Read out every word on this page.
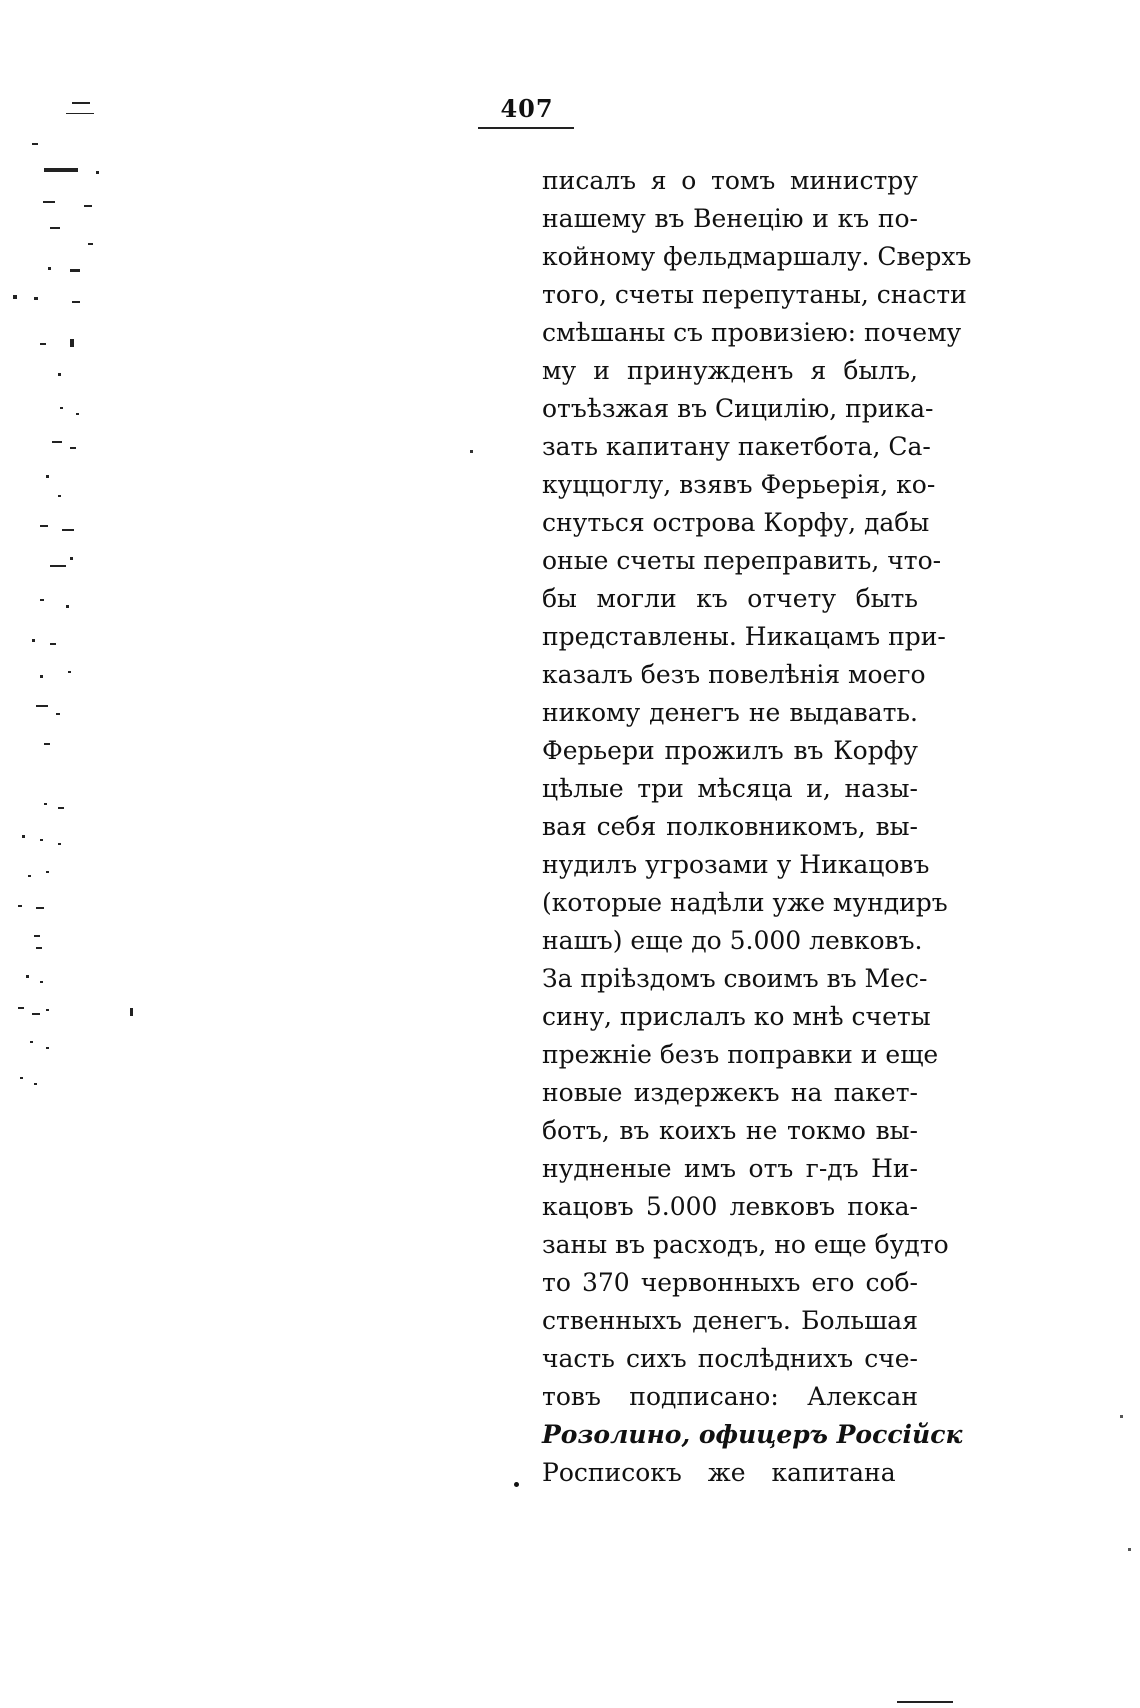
407
писалъ я о томъ министру
нашему въ Венецію и къ по-
койному фельдмаршалу. Сверхъ
того, счеты перепутаны, снасти
смѣшаны съ провизіею: почему
му и принужденъ я былъ,
отъѣзжая въ Сицилію, прика-
зать капитану пакетбота, Са-
куццоглу, взявъ Ферьерія, ко-
снуться острова Корфу, дабы
оные счеты переправить, что-
бы могли къ отчету быть
представлены. Никацамъ при-
казалъ безъ повелѣнія моего
никому денегъ не выдавать.
Ферьери прожилъ въ Корфу
цѣлые три мѣсяца и, назы-
вая себя полковникомъ, вы-
нудилъ угрозами у Никацовъ
(которые надѣли уже мундиръ
нашъ) еще до 5.000 левковъ.
За пріѣздомъ своимъ въ Мес-
сину, прислалъ ко мнѣ счеты
прежніе безъ поправки и еще
новые издержекъ на пакет-
ботъ, въ коихъ не токмо вы-
нудненые имъ отъ г-дъ Ни-
кацовъ 5.000 левковъ пока-
заны въ расходъ, но еще будто
то 370 червонныхъ его соб-
ственныхъ денегъ. Большая
часть сихъ послѣднихъ сче-
товъ подписано: Алексан
Розолино, офицеръ Россійск
Росписокъ же капитана
